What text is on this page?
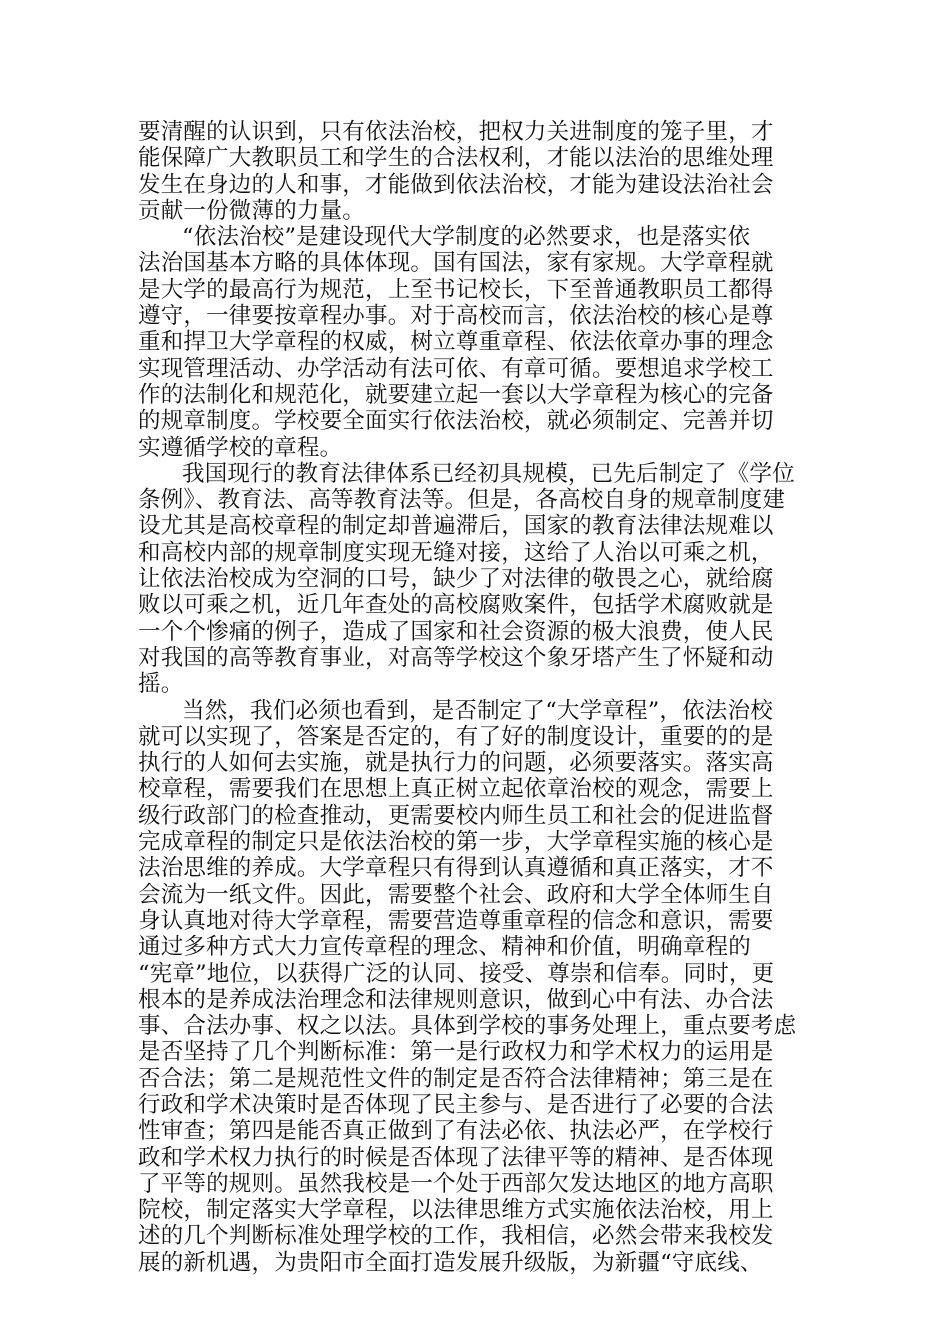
要清醒的认识到，只有依法治校，把权力关进制度的笼子里，才
能保障广大教职员工和学生的合法权利，才能以法治的思维处理
发生在身边的人和事，才能做到依法治校，才能为建设法治社会
贡献一份微薄的力量。
“依法治校”是建设现代大学制度的必然要求，也是落实依
法治国基本方略的具体体现。国有国法，家有家规。大学章程就
是大学的最高行为规范，上至书记校长，下至普通教职员工都得
遵守，一律要按章程办事。对于高校而言，依法治校的核心是尊
重和捍卫大学章程的权威，树立尊重章程、依法依章办事的理念
实现管理活动、办学活动有法可依、有章可循。要想追求学校工
作的法制化和规范化，就要建立起一套以大学章程为核心的完备
的规章制度。学校要全面实行依法治校，就必须制定、完善并切
实遵循学校的章程。
我国现行的教育法律体系已经初具规模，已先后制定了《学位
条例》、教育法、高等教育法等。但是，各高校自身的规章制度建
设尤其是高校章程的制定却普遍滞后，国家的教育法律法规难以
和高校内部的规章制度实现无缝对接，这给了人治以可乘之机，
让依法治校成为空洞的口号，缺少了对法律的敬畏之心，就给腐
败以可乘之机，近几年查处的高校腐败案件，包括学术腐败就是
一个个惨痛的例子，造成了国家和社会资源的极大浪费，使人民
对我国的高等教育事业，对高等学校这个象牙塔产生了怀疑和动
摇。
当然，我们必须也看到，是否制定了“大学章程”，依法治校
就可以实现了，答案是否定的，有了好的制度设计，重要的的是
执行的人如何去实施，就是执行力的问题，必须要落实。落实高
校章程，需要我们在思想上真正树立起依章治校的观念，需要上
级行政部门的检查推动，更需要校内师生员工和社会的促进监督
完成章程的制定只是依法治校的第一步，大学章程实施的核心是
法治思维的养成。大学章程只有得到认真遵循和真正落实，才不
会流为一纸文件。因此，需要整个社会、政府和大学全体师生自
身认真地对待大学章程，需要营造尊重章程的信念和意识，需要
通过多种方式大力宣传章程的理念、精神和价值，明确章程的
“宪章”地位，以获得广泛的认同、接受、尊崇和信奉。同时，更
根本的是养成法治理念和法律规则意识，做到心中有法、办合法
事、合法办事、权之以法。具体到学校的事务处理上，重点要考虑
是否坚持了几个判断标准：第一是行政权力和学术权力的运用是
否合法；第二是规范性文件的制定是否符合法律精神；第三是在
行政和学术决策时是否体现了民主参与、是否进行了必要的合法
性审查；第四是能否真正做到了有法必依、执法必严，在学校行
政和学术权力执行的时候是否体现了法律平等的精神、是否体现
了平等的规则。虽然我校是一个处于西部欠发达地区的地方高职
院校，制定落实大学章程，以法律思维方式实施依法治校，用上
述的几个判断标准处理学校的工作，我相信，必然会带来我校发
展的新机遇，为贵阳市全面打造发展升级版，为新疆“守底线、
